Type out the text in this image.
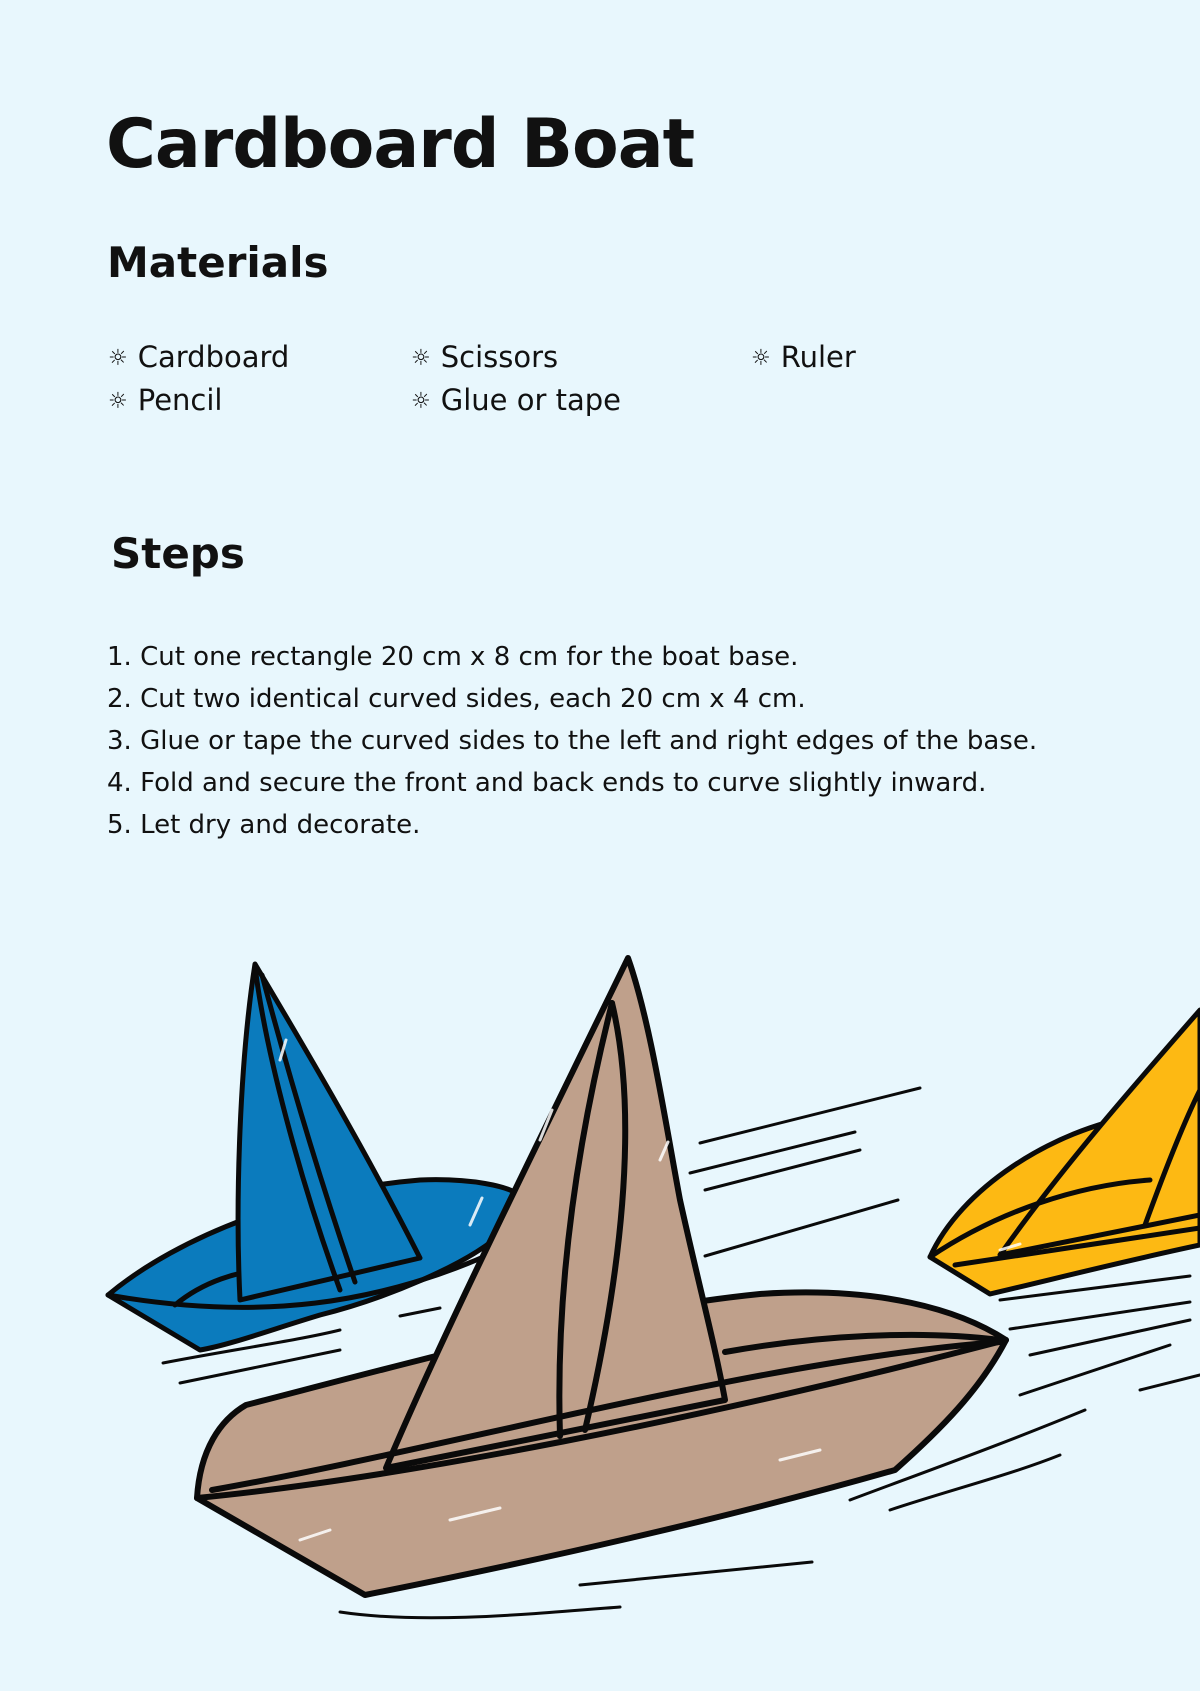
Cardboard Boat
Materials
☼ Cardboard	☼ Scissors	☼ Ruler
☼ Pencil	☼ Glue or tape
Steps
1. Cut one rectangle 20 cm x 8 cm for the boat base.
2. Cut two identical curved sides, each 20 cm x 4 cm.
3. Glue or tape the curved sides to the left and right edges of the base.
4. Fold and secure the front and back ends to curve slightly inward.
5. Let dry and decorate.
